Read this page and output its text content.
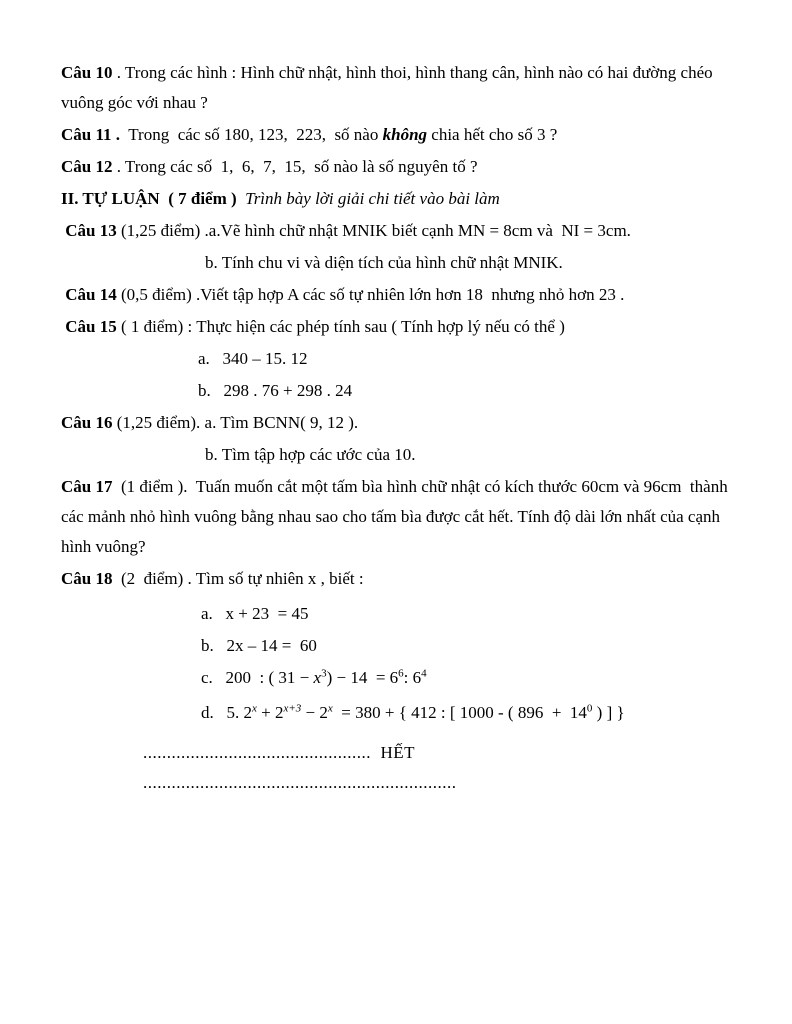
Câu 10 . Trong các hình : Hình chữ nhật, hình thoi, hình thang cân, hình nào có hai đường chéo vuông góc với nhau ?

Câu 11 .  Trong  các số 180, 123,  223,  số nào không chia hết cho số 3 ?

Câu 12 . Trong các số  1,  6,  7,  15,  số nào là số nguyên tố ?

II. TỰ LUẬN  ( 7 điểm )  Trình bày lời giải chi tiết vào bài làm

Câu 13 (1,25 điểm) .a.Vẽ hình chữ nhật MNIK biết cạnh MN = 8cm và  NI = 3cm.

b. Tính chu vi và diện tích của hình chữ nhật MNIK.

Câu 14 (0,5 điểm) .Viết tập hợp A các số tự nhiên lớn hơn 18  nhưng nhỏ hơn 23 .

Câu 15 ( 1 điểm) : Thực hiện các phép tính sau ( Tính hợp lý nếu có thể )

a.   340 – 15. 12

b.   298 . 76 + 298 . 24

Câu 16 (1,25 điểm). a. Tìm BCNN( 9, 12 ).

b. Tìm tập hợp các ước của 10.

Câu 17  (1 điểm ).  Tuấn muốn cắt một tấm bìa hình chữ nhật có kích thước 60cm và 96cm  thành các mảnh nhỏ hình vuông bằng nhau sao cho tấm bìa được cắt hết. Tính độ dài lớn nhất của cạnh hình vuông?

Câu 18  (2  điểm) . Tìm số tự nhiên x , biết :

a.   x + 23  = 45

b.   2x – 14 =  60

c.   200  : ( $31 - x^3) - 14 = 6^6$: $6^4$

d.   5. $2^x + 2^{x+3} - 2^x = 380$ + { 412 : [ 1000 - ( $896 + 14^0$ ) ] }

................................................ HẾT   ..................................................................
